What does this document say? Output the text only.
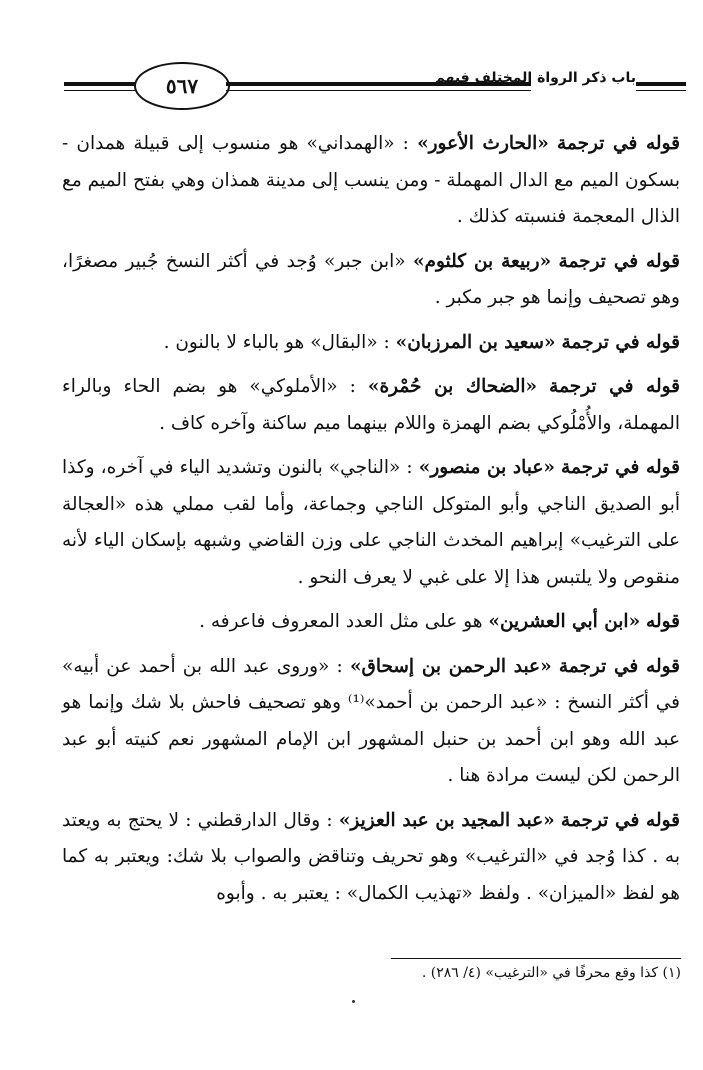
٥٦٧	باب ذكر الرواة المختلف فيهم

قوله في ترجمة «الحارث الأعور» : «الهمداني» هو منسوب إلى قبيلة همدان - بسكون الميم مع الدال المهملة - ومن ينسب إلى مدينة همذان وهي بفتح الميم مع الذال المعجمة فنسبته كذلك .

قوله في ترجمة «ربيعة بن كلثوم» «ابن جبر» وُجد في أكثر النسخ جُبير مصغرًا، وهو تصحيف وإنما هو جبر مكبر .

قوله في ترجمة «سعيد بن المرزبان» : «البقال» هو بالباء لا بالنون .

قوله في ترجمة «الضحاك بن حُمْرة» : «الأملوكي» هو بضم الحاء وبالراء المهملة، والأُمْلُوكي بضم الهمزة واللام بينهما ميم ساكنة وآخره كاف .

قوله في ترجمة «عباد بن منصور» : «الناجي» بالنون وتشديد الياء في آخره، وكذا أبو الصديق الناجي وأبو المتوكل الناجي وجماعة، وأما لقب مملي هذه «العجالة على الترغيب» إبراهيم المخدث الناجي على وزن القاضي وشبهه بإسكان الياء لأنه منقوص ولا يلتبس هذا إلا على غبي لا يعرف النحو .

قوله «ابن أبي العشرين» هو على مثل العدد المعروف فاعرفه .

قوله في ترجمة «عبد الرحمن بن إسحاق» : «وروى عبد الله بن أحمد عن أبيه» في أكثر النسخ : «عبد الرحمن بن أحمد»⁽¹⁾ وهو تصحيف فاحش بلا شك وإنما هو عبد الله وهو ابن أحمد بن حنبل المشهور ابن الإمام المشهور نعم كنيته أبو عبد الرحمن لكن ليست مرادة هنا .

قوله في ترجمة «عبد المجيد بن عبد العزيز» : وقال الدارقطني : لا يحتج به ويعتد به . كذا وُجد في «الترغيب» وهو تحريف وتناقض والصواب بلا شك: ويعتبر به كما هو لفظ «الميزان» . ولفظ «تهذيب الكمال» : يعتبر به . وأبوه

(١) كذا وقع محرفًا في «الترغيب» (٤/ ٢٨٦) .
